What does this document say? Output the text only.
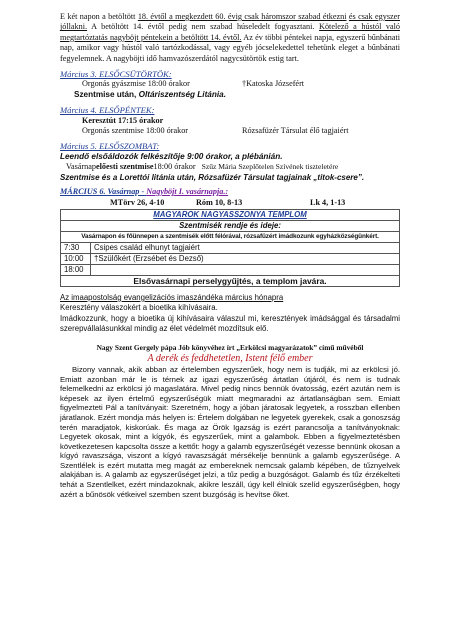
E két napon a betöltött 18. évtől a megkezdett 60. évig csak háromszor szabad étkezni és csak egyszer jóllakni. A betöltött 14. évtől pedig nem szabad húseledelt fogyasztani. Kötelező a hústól való megtartóztatás nagyböjt péntekein a betöltött 14. évtől. Az év többi péntekei napja, egyszerű bűnbánati nap, amikor vagy hústól való tartózkodással, vagy egyéb jócselekedettel tehetünk eleget a bűnbánati fegyelemnek. A nagyböjti idő hamvazószerdától nagycsütörtök estig tart.

Március 3. ELSŐCSÜTÖRTÖK:
Orgonás gyászmise 18:00 órakor	†Katoska Józsefért
Szentmise után, Oltáriszentség Litánia.
Március 4. ELSŐPÉNTEK:
Keresztút 17:15 órakor
Orgonás szentmise 18:00 órakor	Rózsafüzér Társulat élő tagjaiért
Március 5. ELSŐSZOMBAT:
Leendő elsőáldozók felkészítője 9:00 órakor, a plébánián.
Vasárnap előesti szentmise 18:00 órakor Szűz Mária Szeplőtelen Szívének tiszteletére
Szentmise és a Lorettói litánia után, Rózsafüzér Társulat tagjainak „titok-csere”.
MÁRCIUS 6. Vasárnap - Nagyböjt I. vasárnapja.:
MTörv 26, 4-10	Róm 10, 8-13	Lk 4, 1-13
MAGYAROK NAGYASSZONYA TEMPLOM	
Szentmisék rendje és ideje:	
Vasárnapon és főünnepen a szentmisék előtt félórával, rózsafüzért imádkozunk egyházközségünkért.	
7:30	Csipes család elhunyt tagjaiért
10:00	†Szülőkért (Erzsébet és Dezső)
18:00	
Elsővasárnapi perselygyűjtés, a templom javára.	
Az imaapostolság evangelizációs imaszándéka március hónapra
Keresztény válaszokért a bioetika kihívásaira.
Imádkozzunk, hogy a bioetika új kihívásaira válaszul mi, keresztények imádsággal és társadalmi szerepvállalásunkkal mindig az élet védelmét mozdítsuk elő.
Nagy Szent Gergely pápa Jób könyvéhez írt „Erkölcsi magyarázatok” című művéből
A derék és feddhetetlen, Istent félő ember

Bizony vannak, akik abban az értelemben egyszerűek, hogy nem is tudják, mi az erkölcsi jó. Emiatt azonban már le is térnek az igazi egyszerűség ártatlan útjáról, és nem is tudnak felemelkedni az erkölcsi jó magaslatára. Mivel pedig nincs bennük óvatosság, ezért azután nem is képesek az ilyen értelmű egyszerűségük miatt megmaradni az ártatlanságban sem. Emiatt figyelmezteti Pál a tanítványait: Szeretném, hogy a jóban járatosak legyetek, a rosszban ellenben járatlanok. Ezért mondja más helyen is: Értelem dolgában ne legyetek gyerekek, csak a gonoszság terén maradjatok, kiskorúak. És maga az Örök Igazság is ezért parancsolja a tanítványoknak: Legyetek okosak, mint a kígyók, és egyszerűek, mint a galambok. Ebben a figyelmeztetésben következetesen kapcsolta össze a kettőt: hogy a galamb egyszerűségét vezesse bennünk okosan a kígyó ravaszsága, viszont a kígyó ravaszságát mérsékelje bennünk a galamb egyszerűsége. A Szentlélek is ezért mutatta meg magát az embereknek nemcsak galamb képében, de tűznyelvek alakjában is. A galamb az egyszerűséget jelzi, a tűz pedig a buzgóságot. Galamb és tűz érzékelteti tehát a Szentlelket, ezért mindazoknak, akikre leszáll, úgy kell élniük szelíd egyszerűségben, hogy azért a bűnösök vétkeivel szemben szent buzgóság is hevítse őket.
